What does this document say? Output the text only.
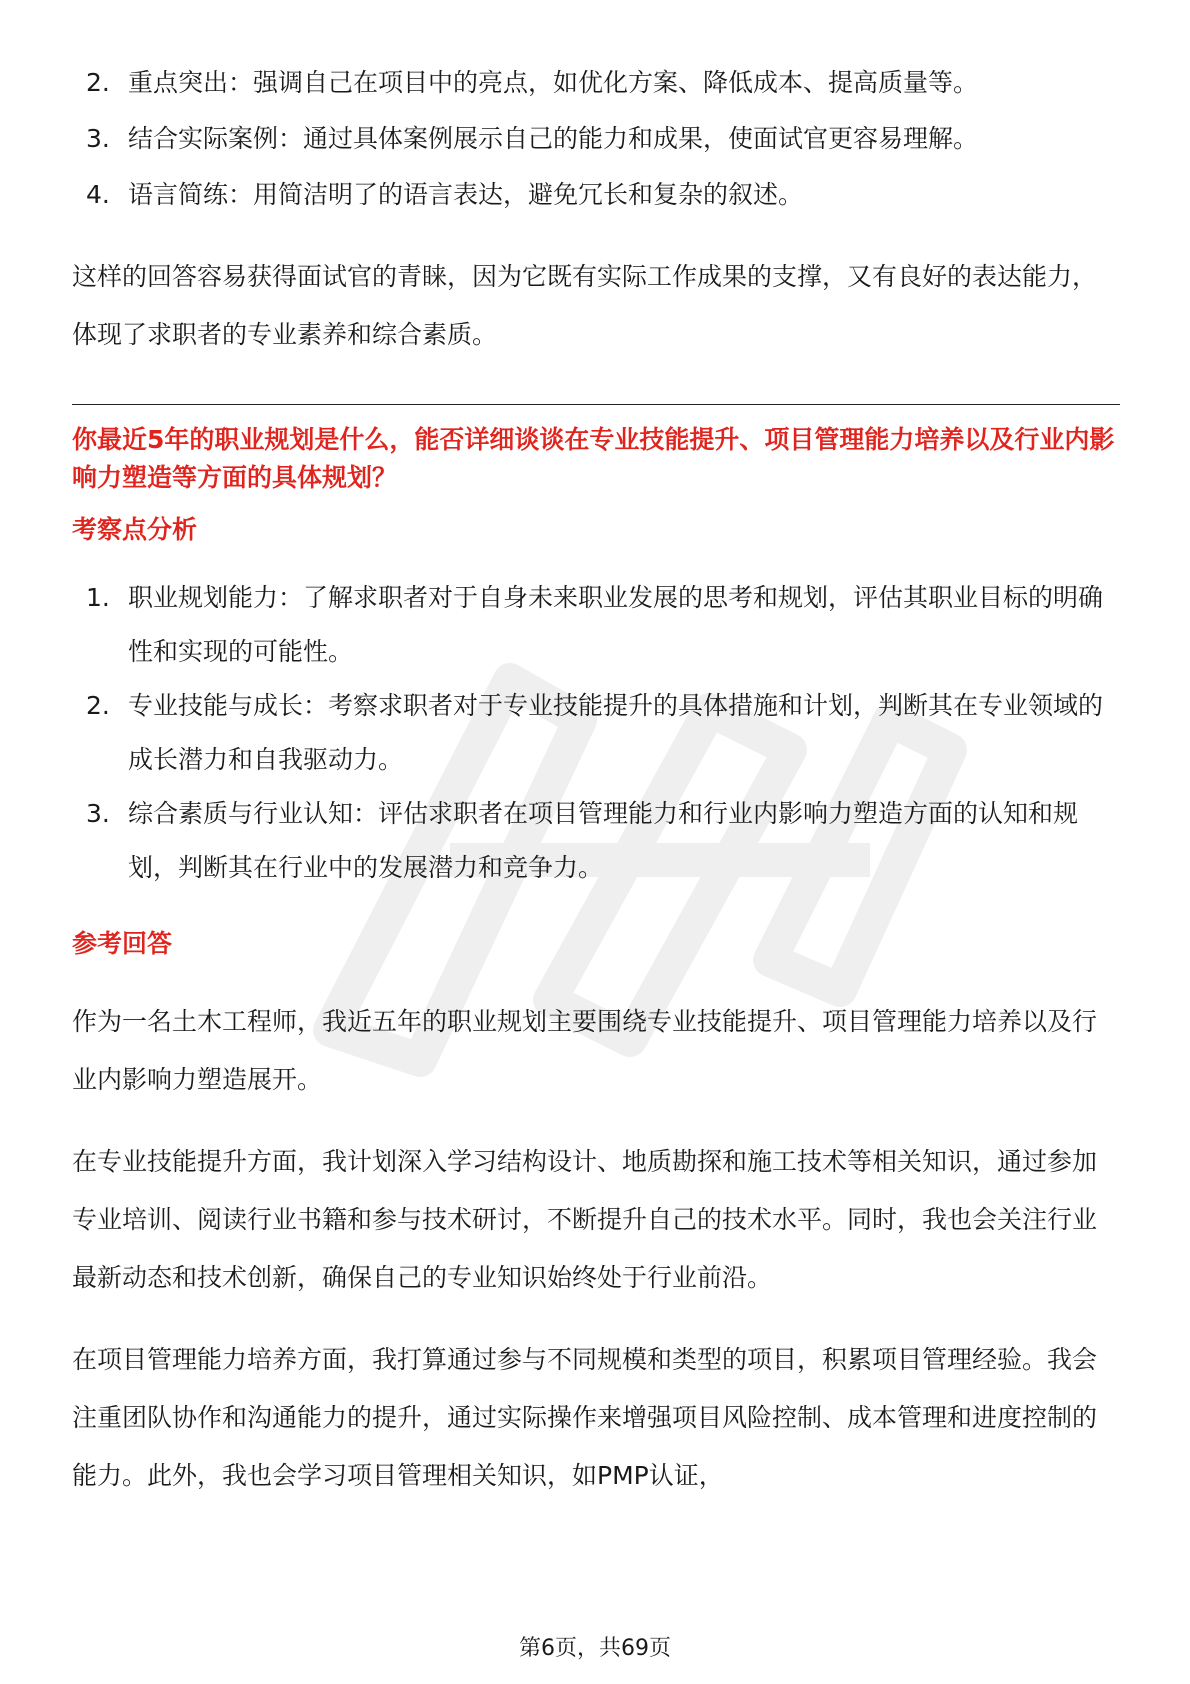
2. 重点突出：强调自己在项目中的亮点，如优化方案、降低成本、提高质量等。
3. 结合实际案例：通过具体案例展示自己的能力和成果，使面试官更容易理解。
4. 语言简练：用简洁明了的语言表达，避免冗长和复杂的叙述。

这样的回答容易获得面试官的青睐，因为它既有实际工作成果的支撑，又有良好的表达能力，体现了求职者的专业素养和综合素质。

你最近5年的职业规划是什么，能否详细谈谈在专业技能提升、项目管理能力培养以及行业内影响力塑造等方面的具体规划？

考察点分析

1. 职业规划能力：了解求职者对于自身未来职业发展的思考和规划，评估其职业目标的明确性和实现的可能性。
2. 专业技能与成长：考察求职者对于专业技能提升的具体措施和计划，判断其在专业领域的成长潜力和自我驱动力。
3. 综合素质与行业认知：评估求职者在项目管理能力和行业内影响力塑造方面的认知和规划，判断其在行业中的发展潜力和竞争力。

参考回答

作为一名土木工程师，我近五年的职业规划主要围绕专业技能提升、项目管理能力培养以及行业内影响力塑造展开。

在专业技能提升方面，我计划深入学习结构设计、地质勘探和施工技术等相关知识，通过参加专业培训、阅读行业书籍和参与技术研讨，不断提升自己的技术水平。同时，我也会关注行业最新动态和技术创新，确保自己的专业知识始终处于行业前沿。

在项目管理能力培养方面，我打算通过参与不同规模和类型的项目，积累项目管理经验。我会注重团队协作和沟通能力的提升，通过实际操作来增强项目风险控制、成本管理和进度控制的能力。此外，我也会学习项目管理相关知识，如PMP认证，

第6页，共69页
